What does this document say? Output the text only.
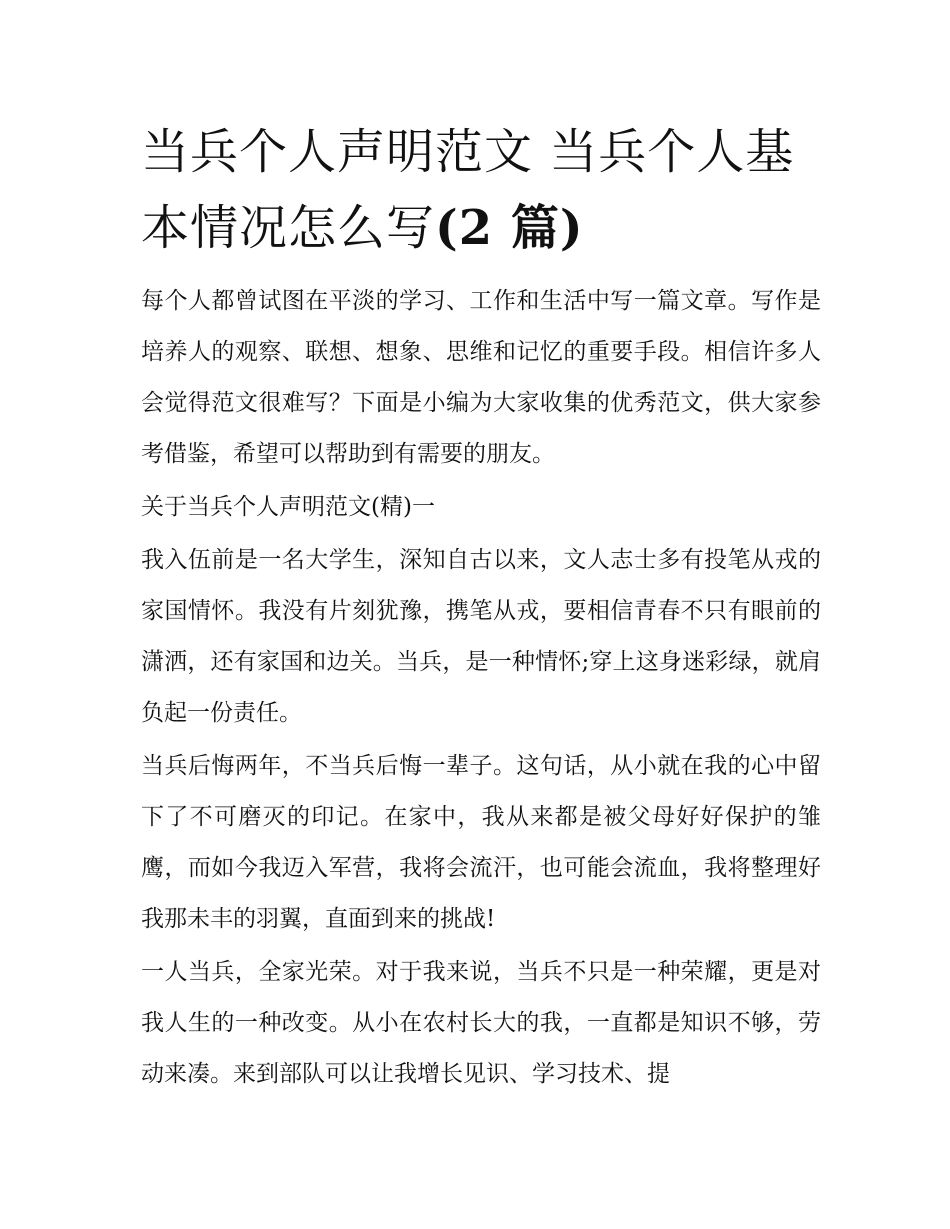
当兵个人声明范文 当兵个人基本情况怎么写(2 篇)

每个人都曾试图在平淡的学习、工作和生活中写一篇文章。写作是培养人的观察、联想、想象、思维和记忆的重要手段。相信许多人会觉得范文很难写？下面是小编为大家收集的优秀范文，供大家参考借鉴，希望可以帮助到有需要的朋友。

关于当兵个人声明范文(精)一

我入伍前是一名大学生，深知自古以来，文人志士多有投笔从戎的家国情怀。我没有片刻犹豫，携笔从戎，要相信青春不只有眼前的潇洒，还有家国和边关。当兵，是一种情怀;穿上这身迷彩绿，就肩负起一份责任。

当兵后悔两年，不当兵后悔一辈子。这句话，从小就在我的心中留下了不可磨灭的印记。在家中，我从来都是被父母好好保护的雏鹰，而如今我迈入军营，我将会流汗，也可能会流血，我将整理好我那未丰的羽翼，直面到来的挑战!

一人当兵，全家光荣。对于我来说，当兵不只是一种荣耀，更是对我人生的一种改变。从小在农村长大的我，一直都是知识不够，劳动来凑。来到部队可以让我增长见识、学习技术、提
